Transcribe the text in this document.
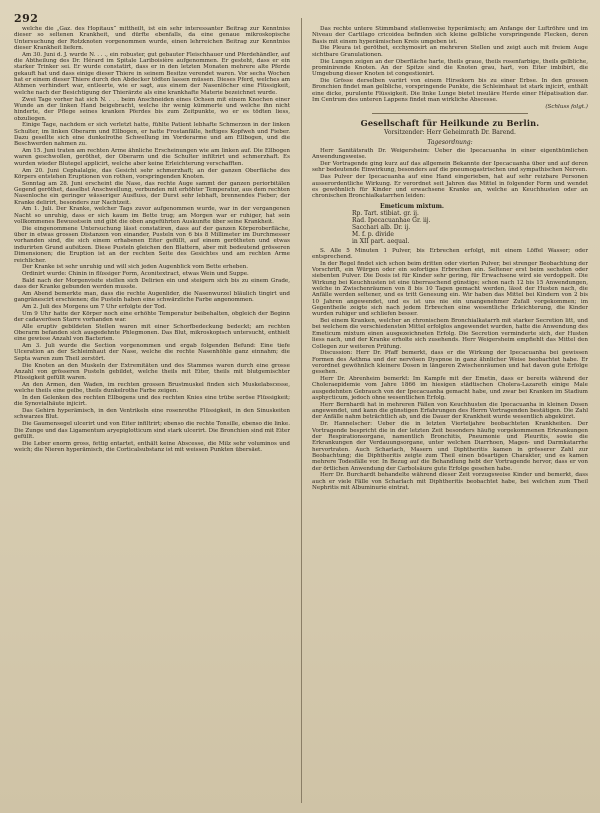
292

welche die „Gaz. des Hopitaux“ mittheilt, ist ein sehr interessanter Beitrag zur Kenntniss dieser so seltenen Krankheit, und dürfte ebenfalls, da eine genaue mikroskopische Untersuchung der Rotzknoten vorgenommen wurde, einen lehrreichen Beitrag zur Kenntniss dieser Krankheit liefern.

Am 30. Juni d. J. wurde N. . . ., ein robuster, gut gebauter Fleischhauer und Pferdehändler, auf die Abtheilung des Dr. Hérard im Spitale Lariboisière aufgenommen. Er gesteht, dass er ein starker Trinker sei. Er wurde constatirt, dass er in den letzten Monaten mehrere alte Pferde gekauft hat und dass einige dieser Thiere in seinem Besitze verendet waren. Vor sechs Wochen hat er einem dieser Thiere durch den Abdecker tödten lassen müssen. Dieses Pferd, welches am Athmen verhindert war, entleerte, wie er sagt, aus einem der Nasenlöcher eine Flüssigkeit, welche nach der Besichtigung der Thierärzte als eine krankhafte Materie bezeichnet wurde.

Zwei Tage vorher hat sich N. . . . beim Anschneiden eines Ochsen mit einem Knochen einer Wunde an der linken Hand beigebracht, welche ihr wenig kümmerte und welche ihn nicht hinderte, der Pflege seines kranken Pferdes bis zum Zeitpunkte, wo er es tödten liess, obzuliegen.

Einige Tage, nachdem er sich verletzt hatte, fühlte Patient lebhafte Schmerzen in der linken Schulter, im linken Oberarm und Ellbogen, er hatte Frostanfälle, heftiges Kopfweh und Fieber. Dazu gesellte sich eine dunkelrothe Schwellung im Vorderarme und am Ellbogen, und die Beschwerden nahmen zu.

Am 15. Juni traten am rechten Arme ähnliche Erscheinungen wie am linken auf. Die Ellbogen waren geschwollen, geröthet, der Oberarm und die Schulter infiltrirt und schmerzhaft. Es wurden wieder Blutegel applicirt, welche aber keine Erleichterung verschafften.

Am 20. Juni Cephalalgie, das Gesicht sehr schmerzhaft; an der ganzen Oberfläche des Körpers entstehen Eruptionen von rothen, vorspringenden Knoten.

Sonntag am 28. Juni erscheint die Nase, das rechte Auge sammt der ganzen periorbitälen Gegend geröthet, daselbst Anschwellung, verbunden mit erhöhter Temperatur, aus dem rechten Nasenloche ein geringer wässeriger Ausfluss, der Durst sehr lebhaft, brennendes Fieber; der Kranke delirirt, besonders zur Nachtzeit.

Am 1. Juli. Der Kranke, welcher Tags zuvor aufgenommen wurde, war in der vergangenen Nacht so unruhig, dass er sich kaum im Bette trug; am Morgen war er ruhiger, hat sein vollkommenes Bewusstsein und gibt die oben angeführten Auskunfte über seine Krankheit.

Die eingenommene Untersuchung lässt constatiren, dass auf der ganzen Körperoberfläche, über in etwas grossen Distanzen von einander, Pusteln von 6 bis 8 Millimeter im Durchmesser vorhanden sind, die sich einem erhabenen Eiter gefüllt, auf einem gerötheten und etwas indurirten Grund aufsitzen. Diese Pusteln gleichen den Blattern, aber mit bedeutend grösseren Dimensionen; die Eruption ist an der rechten Seite des Gesichtes und am rechten Arme reichlicher.

Der Kranke ist sehr unruhig und will sich jeden Augenblick vom Bette erheben.

Ordinirt wurde: Chinin in flüssiger Form, Aconitextract, etwas Wein und Suppe.

Bald nach der Morgenvisite stellen sich Delirien ein und steigern sich bis zu einem Grade, dass der Kranke gebunden werden musste.

Am Abend bemerkte man, dass die rechte Augenlider, die Nasenwurzel bläulich tingirt und gangränescirt erschienen; die Pusteln haben eine schwärzliche Farbe angenommen.

Am 2. Juli des Morgens um 7 Uhr erfolgte der Tod.

Um 9 Uhr hatte der Körper noch eine erhöhte Temperatur beibehalten, obgleich der Beginn der cadaverösen Starre vorhanden war.

Alle eruptiv gebildeten Stellen waren mit einer Schorfbedeckung bedeckt; am rechten Oberarm befanden sich ausgedehnte Phlegmonen. Das Blut, mikroskopisch untersucht, enthielt eine gewisse Anzahl von Bacterien.

Am 3. Juli wurde die Section vorgenommen und ergab folgenden Befund: Eine tiefe Ulceration an der Schleimhaut der Nase, welche die rechte Nasenhöhle ganz einnahm; die Septa waren zum Theil zerstört.

Die Knoten an den Muskeln der Extremitäten und des Stammes waren durch eine grosse Anzahl von grösseren Pusteln gebildet, welche theils mit Eiter, theils mit blutgemischter Flüssigkeit gefüllt waren.

An den Armen, den Waden, im rechten grossen Brustmuskel finden sich Muskelabscesse, welche theils eine gelbe, theils dunkelrothe Farbe zeigen.

In den Gelenken des rechten Ellbogens und des rechten Knies eine trübe seröse Flüssigkeit; die Synovialhäute injicirt.

Das Gehirn hyperämisch, in den Ventrikeln eine rosenrothe Flüssigkeit, in den Sinuskeiten schwarzes Blut.

Die Gaumensegel ulcerirt und von Eiter infiltrirt; ebenso die rechte Tonsille, ebenso die linke. Die Zunge und das Ligamentum aryepiglotticum sind stark ulcerirt. Die Bronchien sind mit Eiter gefüllt.

Die Leber enorm gross, fettig entartet, enthält keine Abscesse, die Milz sehr voluminos und weich; die Nieren hyperämisch, die Corticalsubstanz ist mit weissen Punkten übersäet.

Das rechte untere Stimmband stellenweise hyperämisch; am Anfange der Luftröhre und im Niveau der Cartilago cricoidea befinden sich kleine gelbliche vorspringende Flecken, deren Basis mit einem hyperämischen Kreis umgeben ist.

Die Pleura ist geröthet, ecchymosirt an mehreren Stellen und zeigt auch mit freiem Auge sichtbare Granulationen.

Die Lungen zeigen an der Oberfläche harte, theils graue, theils rosenfarbige, theils gelbliche, prominirende Knoten. An der Spitze sind die Knoten grau, hart, von Eiter imbibirt, die Umgebung dieser Knoten ist congestionirt.

Die Grösse derselben variirt von einem Hirsekorn bis zu einer Erbse. In den grossen Bronchien findet man gelbliche, vorspringende Punkte, die Schleimhaut ist stark injicirt, enthält eine dicke, purulente Flüssigkeit. Die linke Lunge bietet insuläre Herde einer Hépatisation dar. Im Centrum des unteren Lappens findet man wirkliche Abscesse.

(Schluss folgt.)

Gesellschaft für Heilkunde zu Berlin.
Vorsitzender: Herr Geheimrath Dr. Barend.
Tagesordnung:

Herr Sanitätsrath Dr. Weigersheim: Ueber die Ipecacuanha in einer eigenthümlichen Anwendungsweise.

Der Vortragende ging kurz auf das allgemein Bekannte der Ipecacuanha über und auf deren sehr bedeutende Einwirkung, besonders auf die pneumogastrischen und sympathischen Nerven.

Das Pulver der Ipecacuanha auf eine Hand eingerieben, hat auf sehr reizbare Personen ausserordentliche Wirkung. Er verordnet seit Jahren das Mittel in folgender Form und wendet es gewöhnlich für Kinder und erwachsene Kranke an, welche an Keuchhusten oder an chronischen Bronchialkatarrhen leiden:

Emeticum mixtum.
Rp. Tart. stibiat. gr. ij.
Rad. Ipecacuanhae Gr. iij.
Sacchari alb. Dr. ij.
M. f. p. divide
in XII part. aequal.

S. Alle 5 Minuten 1 Pulver, bis Erbrechen erfolgt, mit einem Löffel Wasser; oder entsprechend.

In der Regel findet sich schon beim dritten oder vierten Pulver, bei strenger Beobachtung der Vorschrift, ein Würgen oder ein sofortiges Erbrechen ein. Seltener erst beim sechsten oder siebenten Pulver. Die Dosis ist für Kinder sehr gering, für Erwachsene wird sie verdoppelt. Die Wirkung bei Keuchhusten ist eine überraschend günstige; schon nach 12 bis 15 Anwendungen, welche in Zwischenräumen von 8 bis 10 Tagen gemacht werden, lässt der Husten nach, die Anfälle werden seltener, und es tritt Genesung ein. Wir haben das Mittel bei Kindern von 2 bis 10 Jahren angewendet, und es ist uns nie ein unangenehmer Zufall vorgekommen; im Gegentheile zeigte sich nach jedem Erbrechen eine wesentliche Erleichterung, die Kinder wurden ruhiger und schliefen besser.

Bei einem Kranken, welcher an chronischem Bronchialkatarrh mit starker Secretion litt, und bei welchem die verschiedensten Mittel erfolglos angewendet wurden, hatte die Anwendung des Emeticum mixtum einen ausgezeichneten Erfolg. Die Secretion verminderte sich, der Husten liess nach, und der Kranke erholte sich zusehends. Herr Weigersheim empfiehlt das Mittel den Collegen zur weiteren Prüfung.

Discussion: Herr Dr. Pfaff bemerkt, dass er die Wirkung der Ipecacuanha bei gewissen Formen des Asthma und der nervösen Dyspnoe in ganz ähnlicher Weise beobachtet habe. Er verordnet gewöhnlich kleinere Dosen in längeren Zwischenräumen und hat davon gute Erfolge gesehen.

Herr Dr. Abrenheim bemerkt: Im Kampfe mit der Emetin, dass er bereits während der Choleraepidemie vom Jahre 1866 im hiesigen städtischen Cholera-Lazareth einige Male ausgedehnten Gebrauch von der Ipecacuanha gemacht habe, und zwar bei Kranken im Stadium asphycticum, jedoch ohne wesentlichen Erfolg.

Herr Bernhardi hat in mehreren Fällen von Keuchhusten die Ipecacuanha in kleinen Dosen angewendet, und kann die günstigen Erfahrungen des Herrn Vortragenden bestätigen. Die Zahl der Anfälle nahm beträchtlich ab, und die Dauer der Krankheit wurde wesentlich abgekürzt.

Dr. Hannelscher: Ueber die in letzten Vierteljahre beobachteten Krankheiten. Der Vortragende bespricht die in der letzten Zeit besonders häufig vorgekommenen Erkrankungen der Respirationsorgane, namentlich Bronchitis, Pneumonie und Pleuritis, sowie die Erkrankungen der Verdauungsorgane, unter welchen Diarrhoen, Magen- und Darmkatarrhe hervortraten. Auch Scharlach, Masern und Diphtheritis kamen in grösserer Zahl zur Beobachtung; die Diphtheritis zeigte zum Theil einen bösartigen Charakter, und es kamen mehrere Todesfälle vor. In Bezug auf die Behandlung hebt der Vortragende hervor, dass er von der örtlichen Anwendung der Carbolsäure gute Erfolge gesehen habe.

Herr Dr. Burchardt behandelte während dieser Zeit vorzugsweise Kinder und bemerkt, dass auch er viele Fälle von Scharlach mit Diphtheritis beobachtet habe, bei welchen zum Theil Nephritis mit Albuminurie eintrat.
